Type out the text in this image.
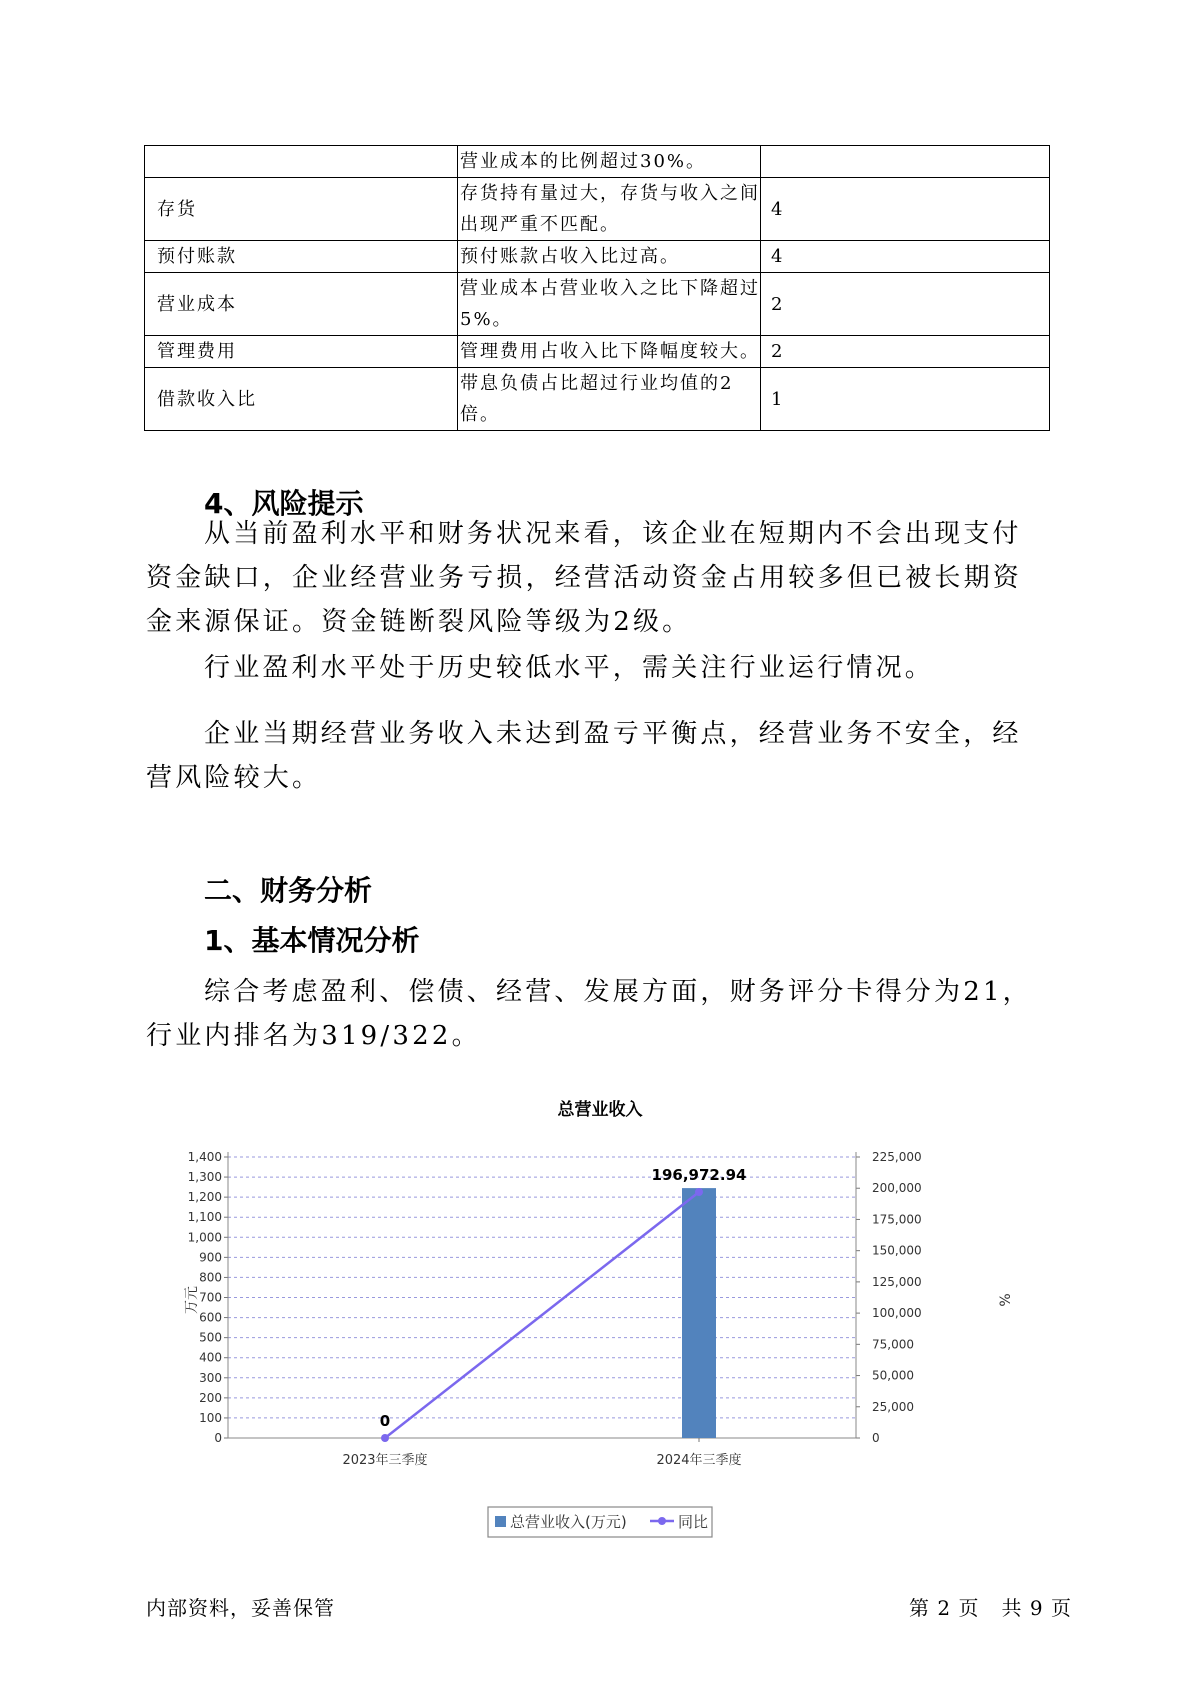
	营业成本的比例超过30%。	
存货	存货持有量过大，存货与收入之间出现严重不匹配。	4
预付账款	预付账款占收入比过高。	4
营业成本	营业成本占营业收入之比下降超过5%。	2
管理费用	管理费用占收入比下降幅度较大。	2
借款收入比	带息负债占比超过行业均值的2倍。	1
4、风险提示
从当前盈利水平和财务状况来看，该企业在短期内不会出现支付资金缺口，企业经营业务亏损，经营活动资金占用较多但已被长期资金来源保证。资金链断裂风险等级为2级。
行业盈利水平处于历史较低水平，需关注行业运行情况。
企业当期经营业务收入未达到盈亏平衡点，经营业务不安全，经营风险较大。
二、财务分析
1、基本情况分析
综合考虑盈利、偿债、经营、发展方面，财务评分卡得分为21，行业内排名为319/322。
总营业收入
0
100
200
300
400
500
600
700
800
900
1,000
1,100
1,200
1,300
1,400
0
25,000
50,000
75,000
100,000
125,000
150,000
175,000
200,000
225,000
2023年三季度	2024年三季度
0
196,972.94
万元	%
总营业收入(万元)	同比
内部资料，妥善保管	第 2 页   共 9 页
